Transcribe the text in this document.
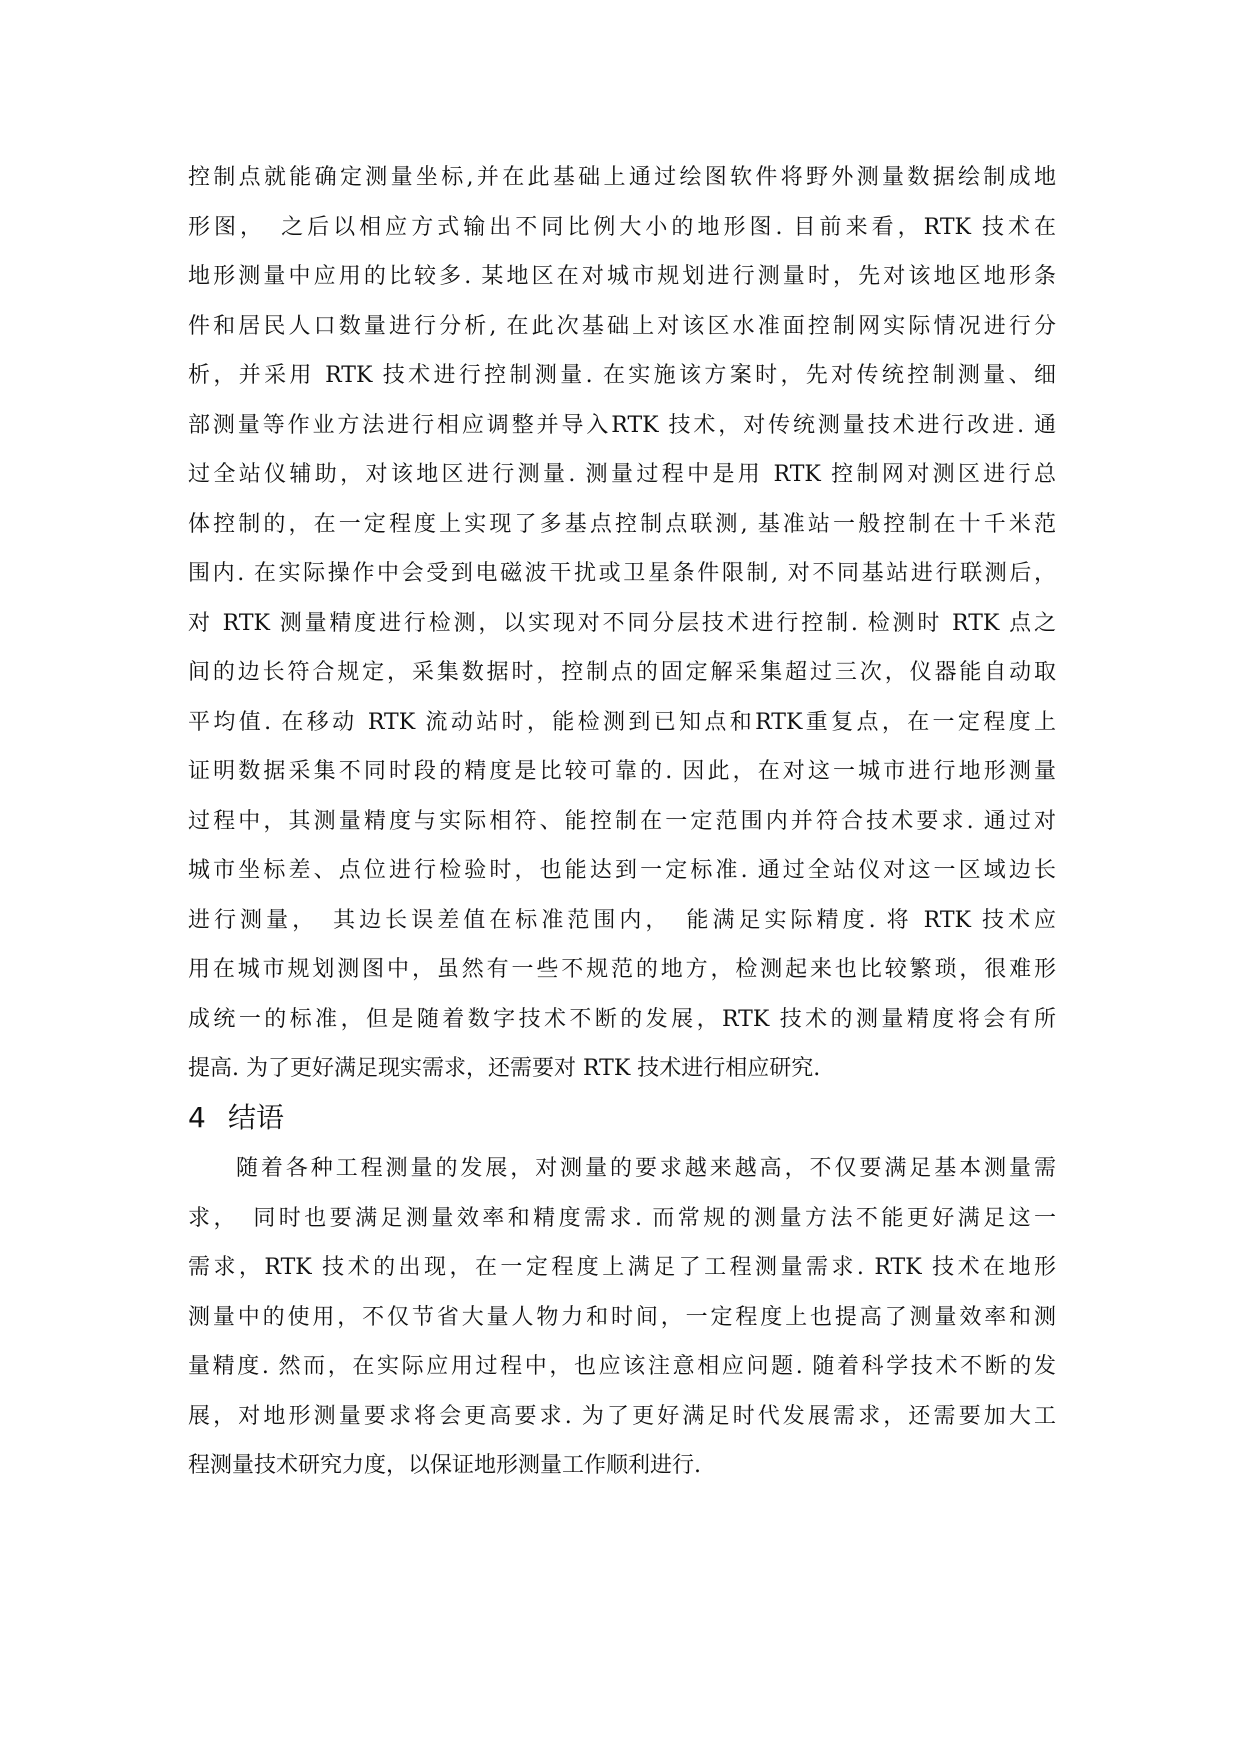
控制点就能确定测量坐标,并在此基础上通过绘图软件将野外测量数据绘制成地
形图，　之后以相应方式输出不同比例大小的地形图. 目前来看，RTK 技术在
地形测量中应用的比较多. 某地区在对城市规划进行测量时，先对该地区地形条
件和居民人口数量进行分析, 在此次基础上对该区水准面控制网实际情况进行分
析，并采用 RTK 技术进行控制测量. 在实施该方案时，先对传统控制测量、细
部测量等作业方法进行相应调整并导入RTK 技术，对传统测量技术进行改进. 通
过全站仪辅助，对该地区进行测量. 测量过程中是用 RTK 控制网对测区进行总
体控制的，在一定程度上实现了多基点控制点联测, 基准站一般控制在十千米范
围内. 在实际操作中会受到电磁波干扰或卫星条件限制, 对不同基站进行联测后，
对 RTK 测量精度进行检测，以实现对不同分层技术进行控制. 检测时 RTK 点之
间的边长符合规定，采集数据时，控制点的固定解采集超过三次，仪器能自动取
平均值. 在移动 RTK 流动站时，能检测到已知点和RTK重复点，在一定程度上
证明数据采集不同时段的精度是比较可靠的. 因此，在对这一城市进行地形测量
过程中，其测量精度与实际相符、能控制在一定范围内并符合技术要求. 通过对
城市坐标差、点位进行检验时，也能达到一定标准. 通过全站仪对这一区域边长
进行测量，　其边长误差值在标准范围内，　能满足实际精度. 将 RTK 技术应
用在城市规划测图中，虽然有一些不规范的地方，检测起来也比较繁琐，很难形
成统一的标准，但是随着数字技术不断的发展，RTK 技术的测量精度将会有所
提高. 为了更好满足现实需求，还需要对 RTK 技术进行相应研究.
4 结语
随着各种工程测量的发展，对测量的要求越来越高，不仅要满足基本测量需
求，　同时也要满足测量效率和精度需求. 而常规的测量方法不能更好满足这一
需求，RTK 技术的出现，在一定程度上满足了工程测量需求. RTK 技术在地形
测量中的使用，不仅节省大量人物力和时间，一定程度上也提高了测量效率和测
量精度. 然而，在实际应用过程中，也应该注意相应问题. 随着科学技术不断的发
展，对地形测量要求将会更高要求. 为了更好满足时代发展需求，还需要加大工
程测量技术研究力度，以保证地形测量工作顺利进行.
